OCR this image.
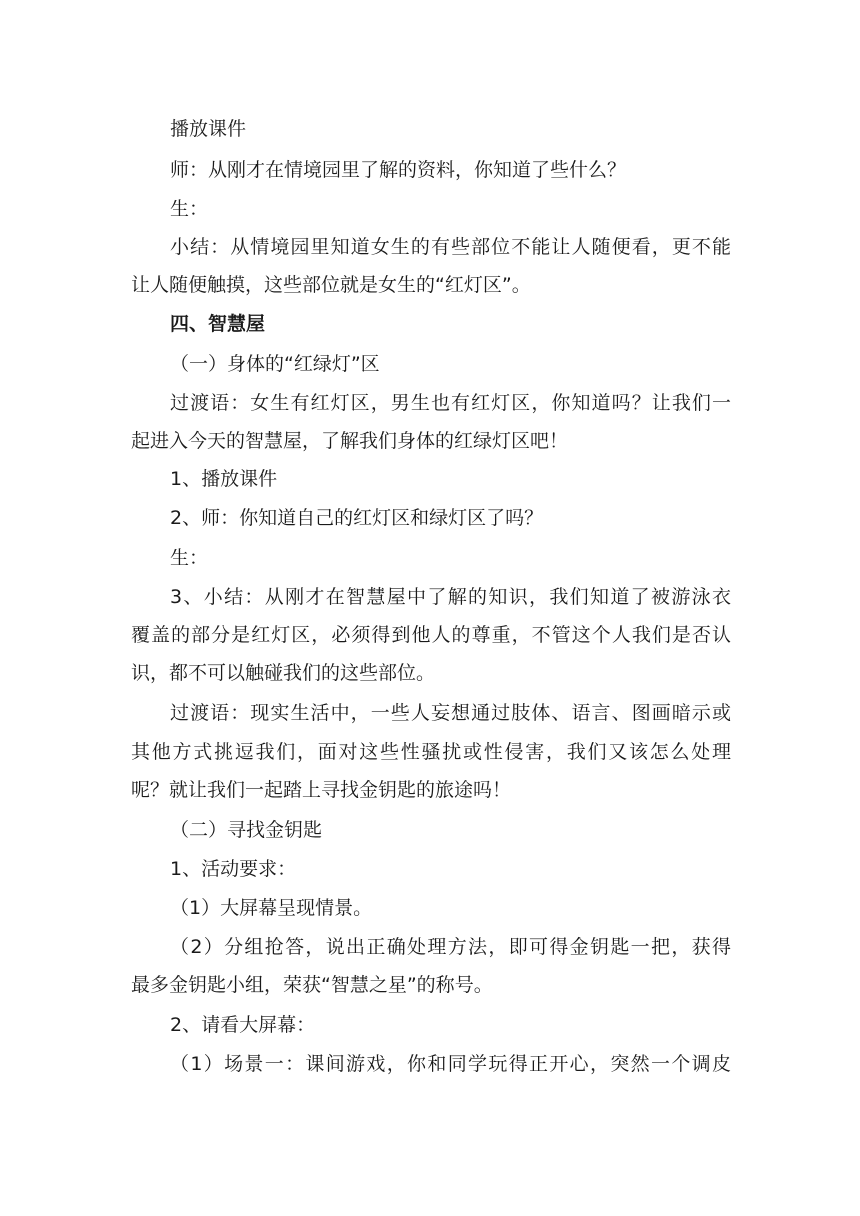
播放课件
师：从刚才在情境园里了解的资料，你知道了些什么？
生：
小结：从情境园里知道女生的有些部位不能让人随便看，更不能
让人随便触摸，这些部位就是女生的“红灯区”。
四、智慧屋
（一）身体的“红绿灯”区
过渡语：女生有红灯区，男生也有红灯区，你知道吗？让我们一
起进入今天的智慧屋，了解我们身体的红绿灯区吧！
1、播放课件
2、师：你知道自己的红灯区和绿灯区了吗？
生：
3、小结：从刚才在智慧屋中了解的知识，我们知道了被游泳衣
覆盖的部分是红灯区，必须得到他人的尊重，不管这个人我们是否认
识，都不可以触碰我们的这些部位。
过渡语：现实生活中，一些人妄想通过肢体、语言、图画暗示或
其他方式挑逗我们，面对这些性骚扰或性侵害，我们又该怎么处理
呢？就让我们一起踏上寻找金钥匙的旅途吗！
（二）寻找金钥匙
1、活动要求：
（1）大屏幕呈现情景。
（2）分组抢答，说出正确处理方法，即可得金钥匙一把，获得
最多金钥匙小组，荣获“智慧之星”的称号。
2、请看大屏幕：
（1）场景一：课间游戏，你和同学玩得正开心，突然一个调皮
